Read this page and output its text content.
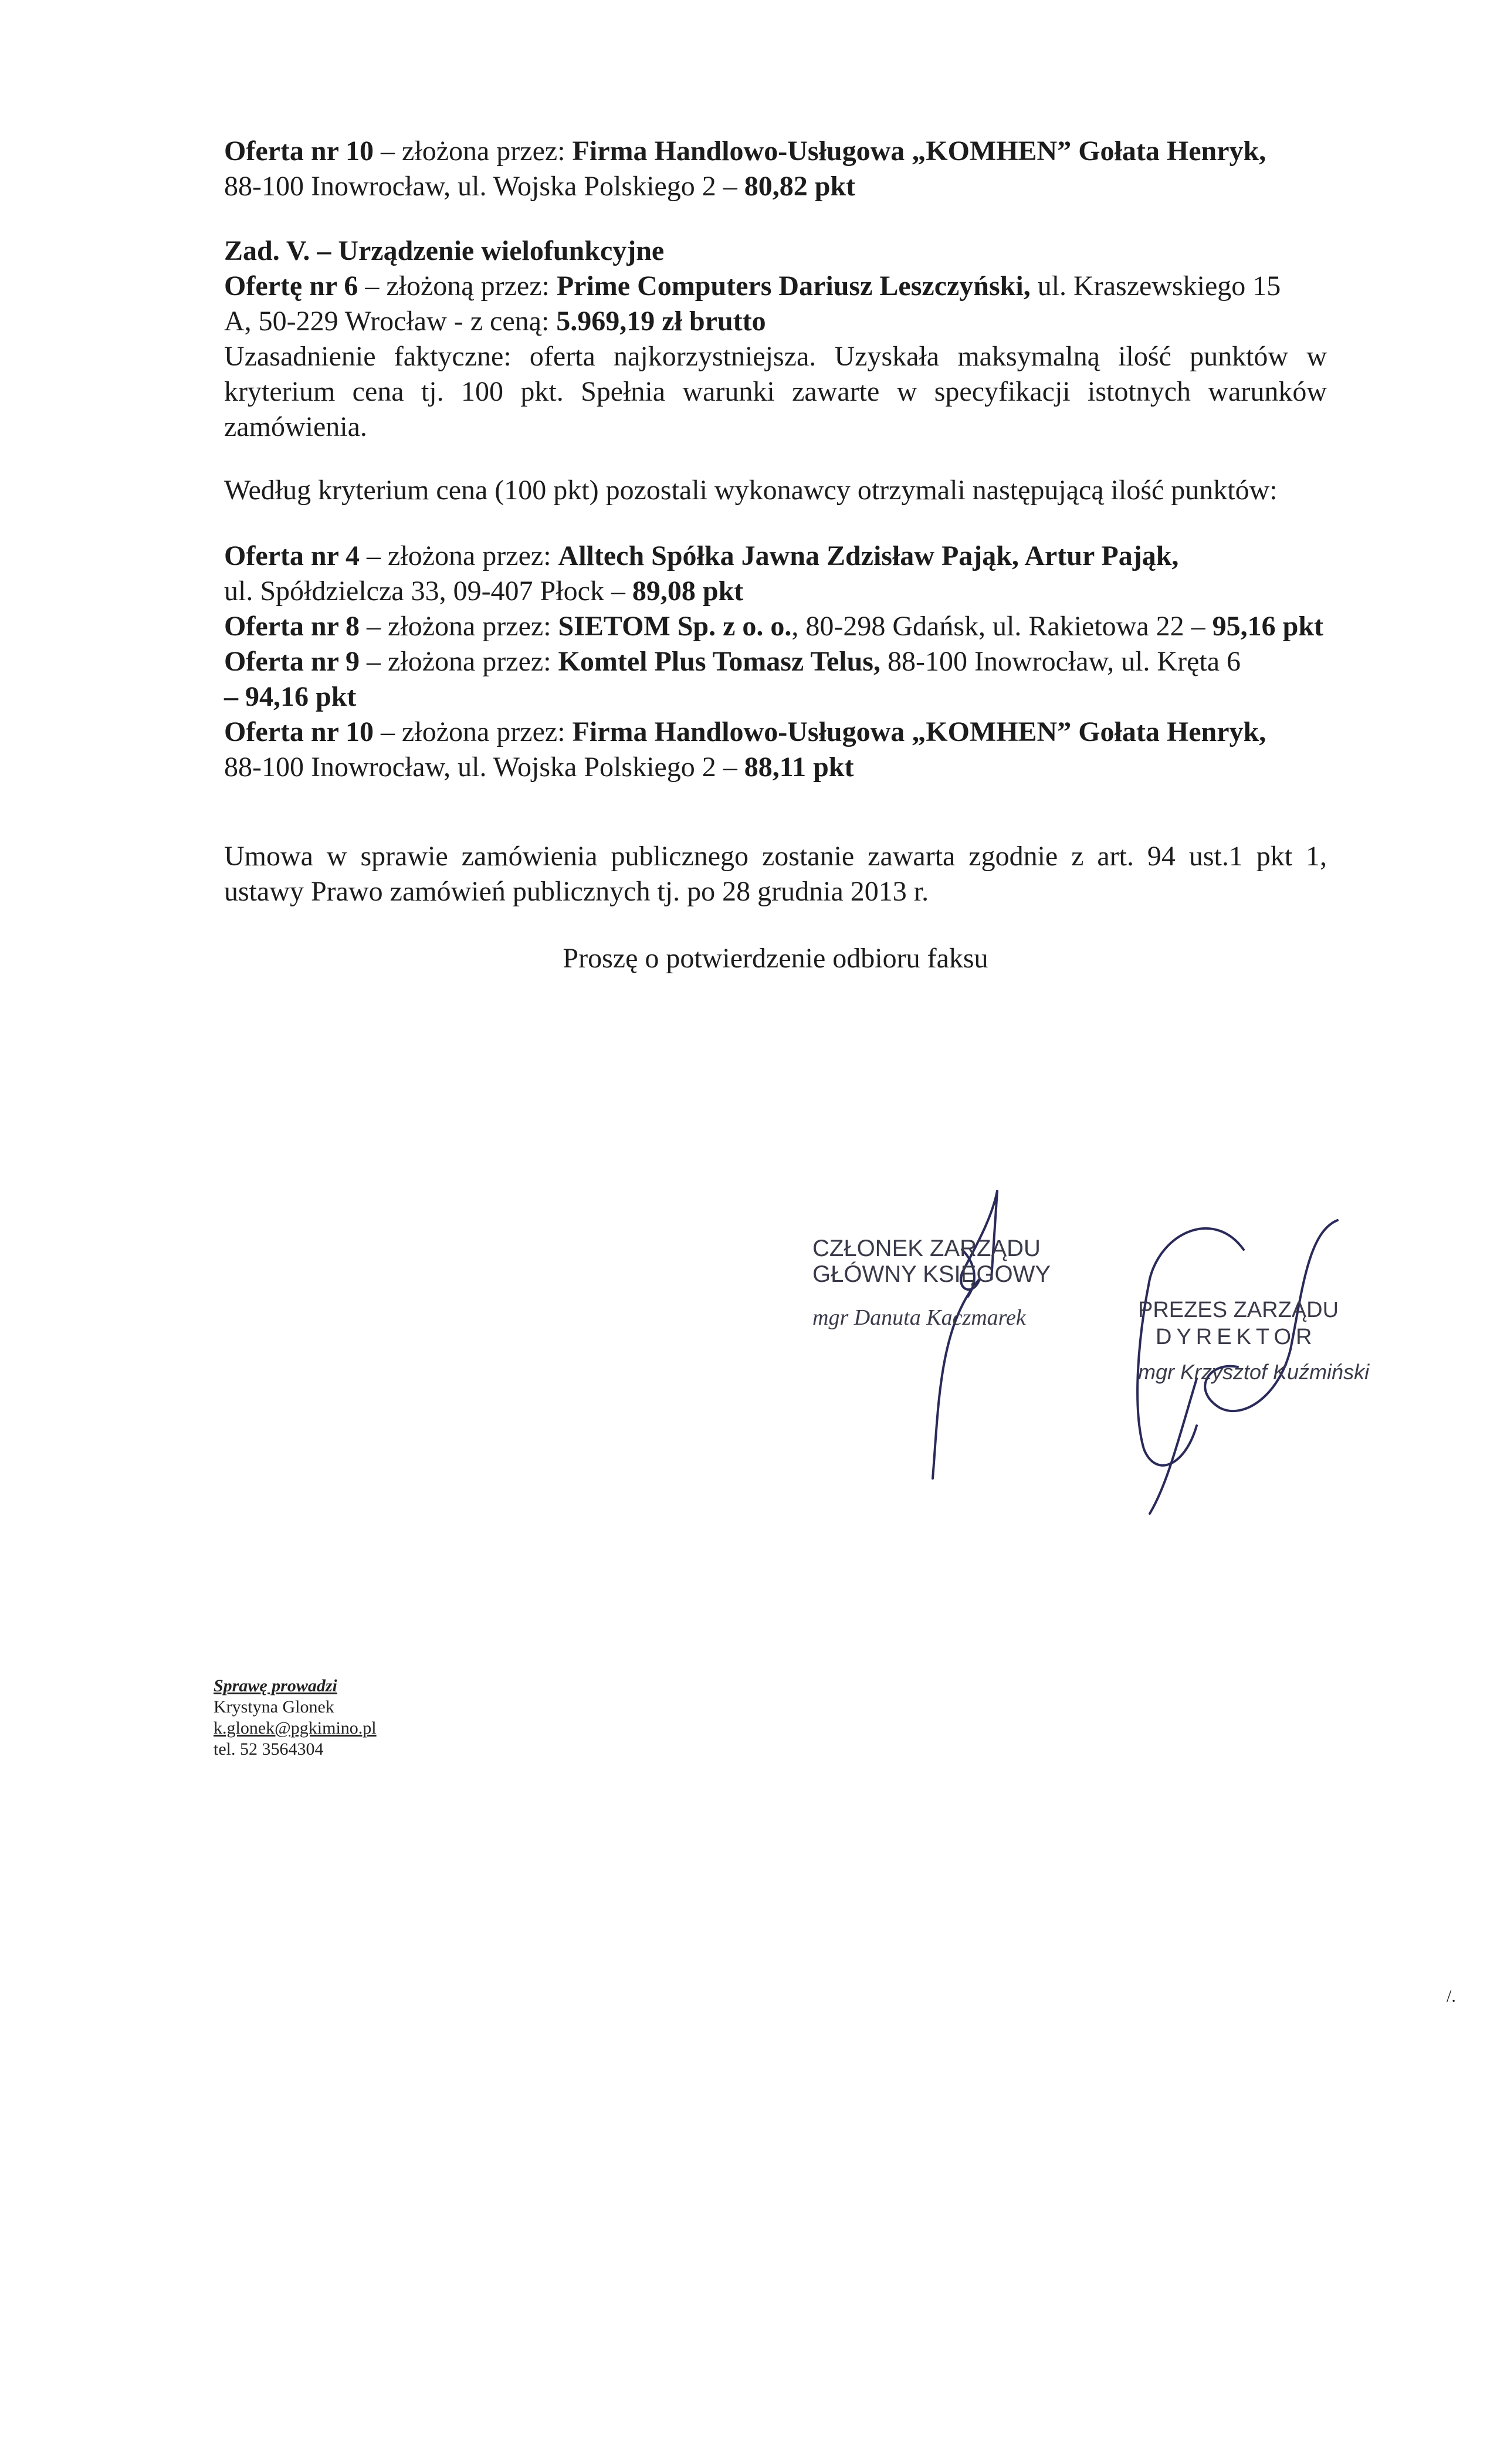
Oferta nr 10 – złożona przez: Firma Handlowo-Usługowa „KOMHEN” Gołata Henryk,

88-100 Inowrocław, ul. Wojska Polskiego 2 – 80,82 pkt

Zad. V. – Urządzenie wielofunkcyjne

Ofertę nr 6 – złożoną przez: Prime Computers Dariusz Leszczyński, ul. Kraszewskiego 15

A, 50-229 Wrocław - z ceną: 5.969,19 zł brutto

Uzasadnienie faktyczne: oferta najkorzystniejsza. Uzyskała maksymalną ilość punktów w kryterium cena tj. 100 pkt. Spełnia warunki zawarte w specyfikacji istotnych warunków zamówienia.

Według kryterium cena (100 pkt) pozostali wykonawcy otrzymali następującą ilość punktów:

Oferta nr 4 – złożona przez: Alltech Spółka Jawna Zdzisław Pająk, Artur Pająk,

ul. Spółdzielcza 33, 09-407 Płock – 89,08 pkt

Oferta nr 8 – złożona przez: SIETOM Sp. z o. o., 80-298 Gdańsk, ul. Rakietowa 22 – 95,16 pkt

Oferta nr 9 – złożona przez: Komtel Plus Tomasz Telus, 88-100 Inowrocław, ul. Kręta 6

– 94,16 pkt

Oferta nr 10 – złożona przez: Firma Handlowo-Usługowa „KOMHEN” Gołata Henryk,

88-100 Inowrocław, ul. Wojska Polskiego 2 – 88,11 pkt

Umowa w sprawie zamówienia publicznego zostanie zawarta zgodnie z art. 94 ust.1 pkt 1, ustawy Prawo zamówień publicznych tj. po 28 grudnia 2013 r.

Proszę o potwierdzenie odbioru faksu
CZŁONEK ZARZĄDU
GŁÓWNY KSIĘGOWY
mgr Danuta Kaczmarek	PREZES ZARZĄDU
DYREKTOR
mgr Krzysztof Kuźmiński
Sprawę prowadzi
Krystyna Glonek
k.glonek@pgkimino.pl
tel. 52 3564304
/.
